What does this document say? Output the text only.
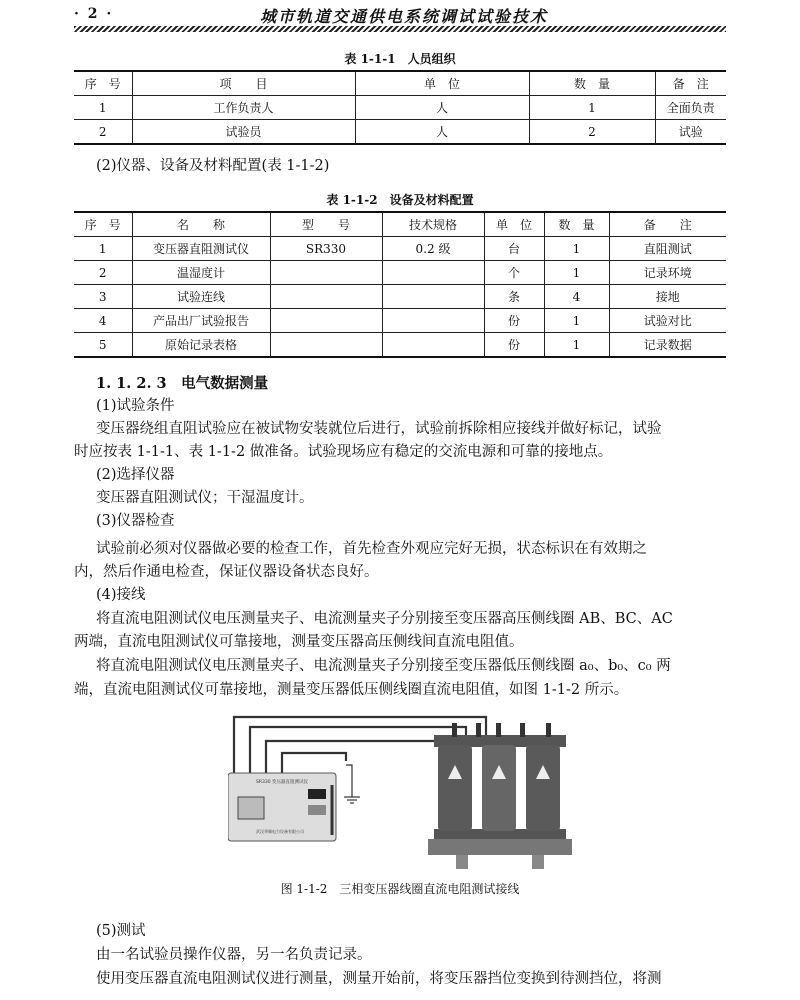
· 2 ·	城市轨道交通供电系统调试试验技术
表 1-1-1　人员组织
序　号	项　　目	单　位	数　量	备　注
1	工作负责人	人	1	全面负责
2	试验员	人	2	试验
(2)仪器、设备及材料配置(表 1-1-2)
表 1-1-2　设备及材料配置
序　号	名　　称	型　　号	技术规格	单　位	数　量	备　　注
1	变压器直阻测试仪	SR330	0.2 级	台	1	直阻测试
2	温湿度计			个	1	记录环境
3	试验连线			条	4	接地
4	产品出厂试验报告			份	1	试验对比
5	原始记录表格			份	1	记录数据
1. 1. 2. 3　电气数据测量
(1)试验条件
变压器绕组直阻试验应在被试物安装就位后进行，试验前拆除相应接线并做好标记，试验
时应按表 1-1-1、表 1-1-2 做准备。试验现场应有稳定的交流电源和可靠的接地点。
(2)选择仪器
变压器直阻测试仪；干湿温度计。
(3)仪器检查
试验前必须对仪器做必要的检查工作，首先检查外观应完好无损，状态标识在有效期之
内，然后作通电检查，保证仪器设备状态良好。
(4)接线
将直流电阻测试仪电压测量夹子、电流测量夹子分别接至变压器高压侧线圈 AB、BC、AC
两端，直流电阻测试仪可靠接地，测量变压器高压侧线间直流电阻值。
将直流电阻测试仪电压测量夹子、电流测量夹子分别接至变压器低压侧线圈 a₀、b₀、c₀ 两
端，直流电阻测试仪可靠接地，测量变压器低压侧线圈直流电阻值，如图 1-1-2 所示。
SR330 变压器直阻测试仪
武汉华顺电力设备有限公司
图 1-1-2　三相变压器线圈直流电阻测试接线
(5)测试
由一名试验员操作仪器，另一名负责记录。
使用变压器直流电阻测试仪进行测量，测量开始前，将变压器挡位变换到待测挡位，将测
